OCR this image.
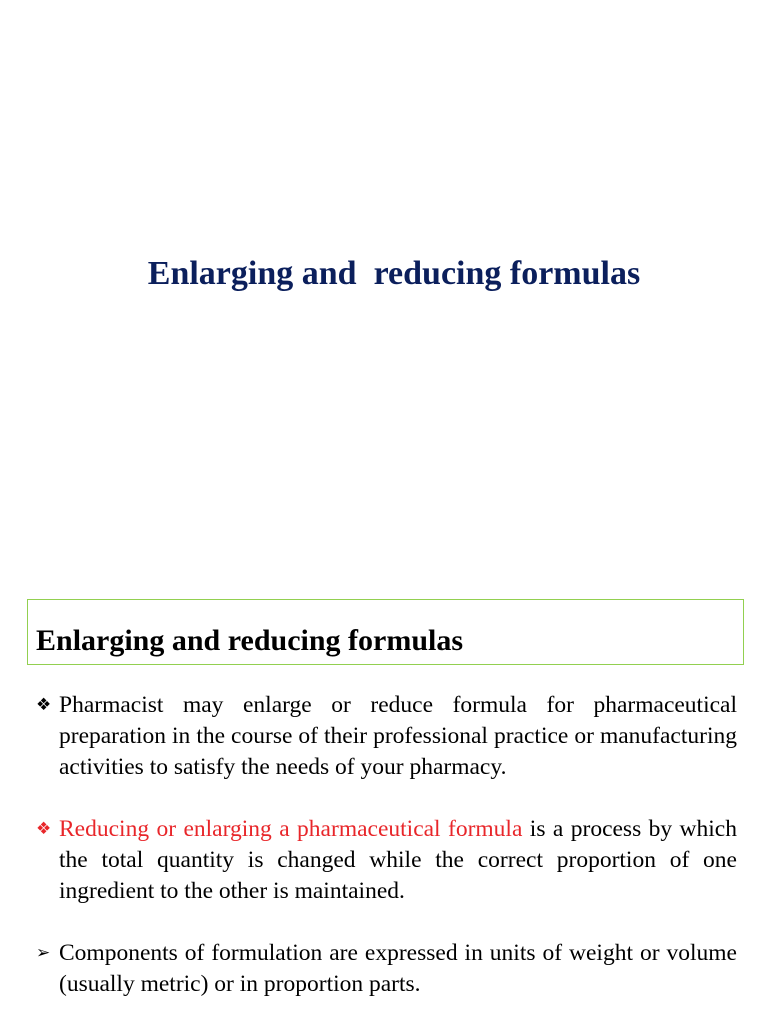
Enlarging and  reducing formulas
Enlarging and reducing formulas
❖ Pharmacist may enlarge or reduce formula for pharmaceutical preparation in the course of their professional practice or manufacturing activities to satisfy the needs of your pharmacy.
❖ Reducing or enlarging a pharmaceutical formula is a process by which the total quantity is changed while the correct proportion of one ingredient to the other is maintained.
➢ Components of formulation are expressed in units of weight or volume (usually metric) or in proportion parts.
